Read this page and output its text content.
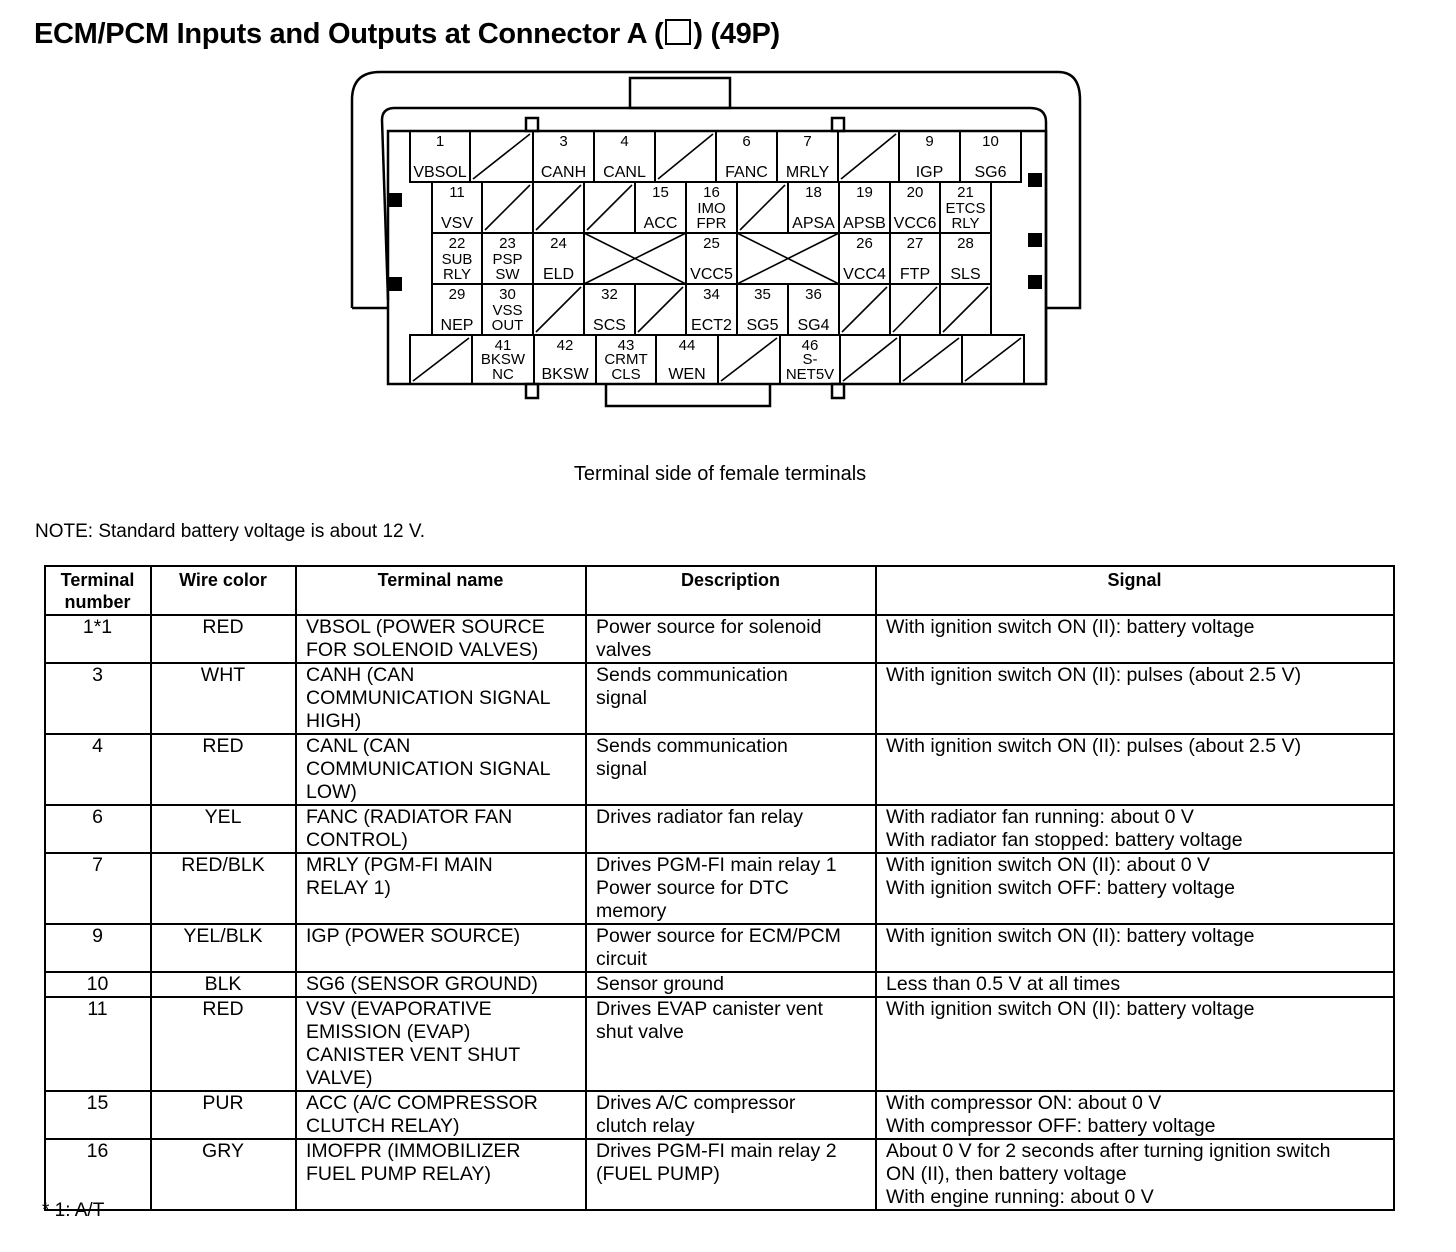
ECM/PCM Inputs and Outputs at Connector A ( ) (49P)
1
VBSOL
3
CANH
4
CANL
6
FANC
7
MRLY
9
IGP
10
SG6
11
VSV
15
ACC
16
IMO
FPR
18
APSA
19
APSB
20
VCC6
21
ETCS
RLY
22
SUB
RLY
23
PSP
SW
24
ELD
25
VCC5
26
VCC4
27
FTP
28
SLS
29
NEP
30
VSS
OUT
32
SCS
34
ECT2
35
SG5
36
SG4
41
BKSW
NC
42
BKSW
43
CRMT
CLS
44
WEN
46
S-
NET5V
Terminal side of female terminals
NOTE: Standard battery voltage is about 12 V.
Terminal
number	Wire color	Terminal name	Description	Signal
1*1	RED	VBSOL (POWER SOURCE
FOR SOLENOID VALVES)	Power source for solenoid
valves	With ignition switch ON (II): battery voltage
3	WHT	CANH (CAN
COMMUNICATION SIGNAL
HIGH)	Sends communication
signal	With ignition switch ON (II): pulses (about 2.5 V)
4	RED	CANL (CAN
COMMUNICATION SIGNAL
LOW)	Sends communication
signal	With ignition switch ON (II): pulses (about 2.5 V)
6	YEL	FANC (RADIATOR FAN
CONTROL)	Drives radiator fan relay	With radiator fan running: about 0 V
With radiator fan stopped: battery voltage
7	RED/BLK	MRLY (PGM-FI MAIN
RELAY 1)	Drives PGM-FI main relay 1
Power source for DTC
memory	With ignition switch ON (II): about 0 V
With ignition switch OFF: battery voltage
9	YEL/BLK	IGP (POWER SOURCE)	Power source for ECM/PCM
circuit	With ignition switch ON (II): battery voltage
10	BLK	SG6 (SENSOR GROUND)	Sensor ground	Less than 0.5 V at all times
11	RED	VSV (EVAPORATIVE
EMISSION (EVAP)
CANISTER VENT SHUT
VALVE)	Drives EVAP canister vent
shut valve	With ignition switch ON (II): battery voltage
15	PUR	ACC (A/C COMPRESSOR
CLUTCH RELAY)	Drives A/C compressor
clutch relay	With compressor ON: about 0 V
With compressor OFF: battery voltage
16	GRY	IMOFPR (IMMOBILIZER
FUEL PUMP RELAY)	Drives PGM-FI main relay 2
(FUEL PUMP)	About 0 V for 2 seconds after turning ignition switch
ON (II), then battery voltage
With engine running: about 0 V
* 1: A/T
